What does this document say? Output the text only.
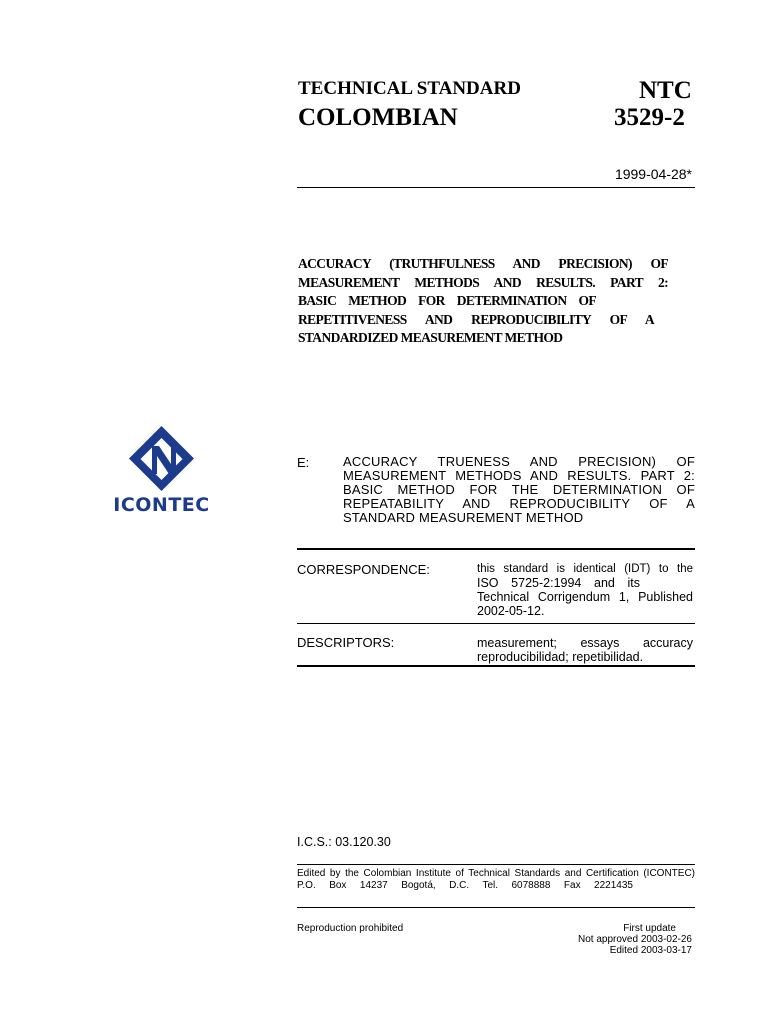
TECHNICAL STANDARD
COLOMBIAN
NTC
3529-2
1999-04-28*
ACCURACY (TRUTHFULNESS AND PRECISION) OF
MEASUREMENT METHODS AND RESULTS. PART 2:
BASIC METHOD FOR DETERMINATION OF
REPETITIVENESS AND REPRODUCIBILITY OF A
STANDARDIZED MEASUREMENT METHOD
ICONTEC
E:	ACCURACY TRUENESS AND PRECISION) OF
MEASUREMENT METHODS AND RESULTS. PART 2:
BASIC METHOD FOR THE DETERMINATION OF
REPEATABILITY AND REPRODUCIBILITY OF A
STANDARD MEASUREMENT METHOD
CORRESPONDENCE:	this standard is identical (IDT) to the
ISO 5725-2:1994 and its
Technical Corrigendum 1, Published
2002-05-12.
DESCRIPTORS:	measurement; essays accuracy
reproducibilidad; repetibilidad.
I.C.S.: 03.120.30
Edited by the Colombian Institute of Technical Standards and Certification (ICONTEC)
P.O. Box 14237 Bogotá, D.C. Tel. 6078888 Fax 2221435
Reproduction prohibited	First update
Not approved 2003-02-26
Edited 2003-03-17
